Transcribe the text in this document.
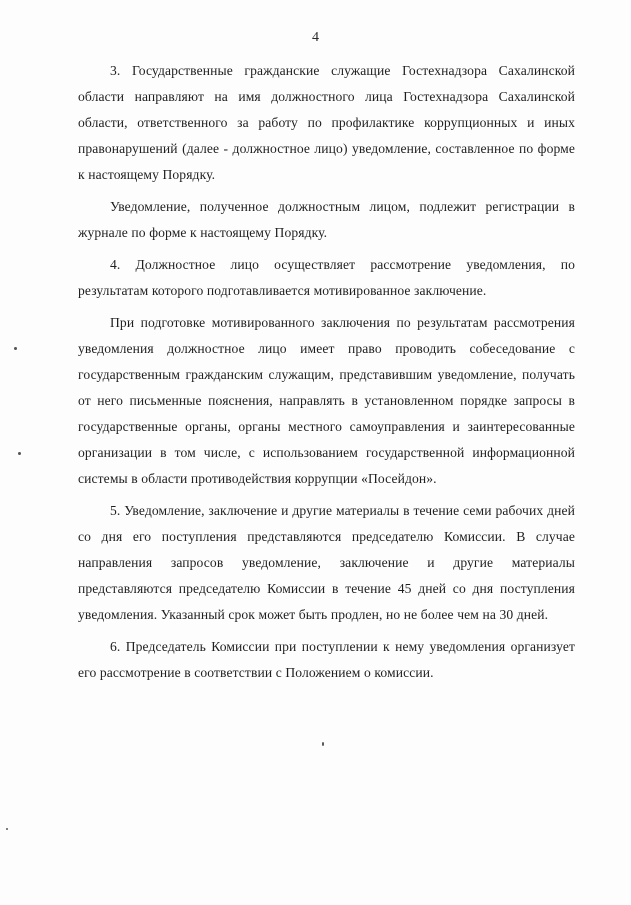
4

3. Государственные гражданские служащие Гостехнадзора Сахалинской области направляют на имя должностного лица Гостехнадзора Сахалинской области, ответственного за работу по профилактике коррупционных и иных правонарушений (далее - должностное лицо) уведомление, составленное по форме к настоящему Порядку.

Уведомление, полученное должностным лицом, подлежит регистрации в журнале по форме к настоящему Порядку.

4. Должностное лицо осуществляет рассмотрение уведомления, по результатам которого подготавливается мотивированное заключение.

При подготовке мотивированного заключения по результатам рассмотрения уведомления должностное лицо имеет право проводить собеседование с государственным гражданским служащим, представившим уведомление, получать от него письменные пояснения, направлять в установленном порядке запросы в государственные органы, органы местного самоуправления и заинтересованные организации в том числе, с использованием государственной информационной системы в области противодействия коррупции «Посейдон».

5. Уведомление, заключение и другие материалы в течение семи рабочих дней со дня его поступления представляются председателю Комиссии. В случае направления запросов уведомление, заключение и другие материалы представляются председателю Комиссии в течение 45 дней со дня поступления уведомления. Указанный срок может быть продлен, но не более чем на 30 дней.

6. Председатель Комиссии при поступлении к нему уведомления организует его рассмотрение в соответствии с Положением о комиссии.
